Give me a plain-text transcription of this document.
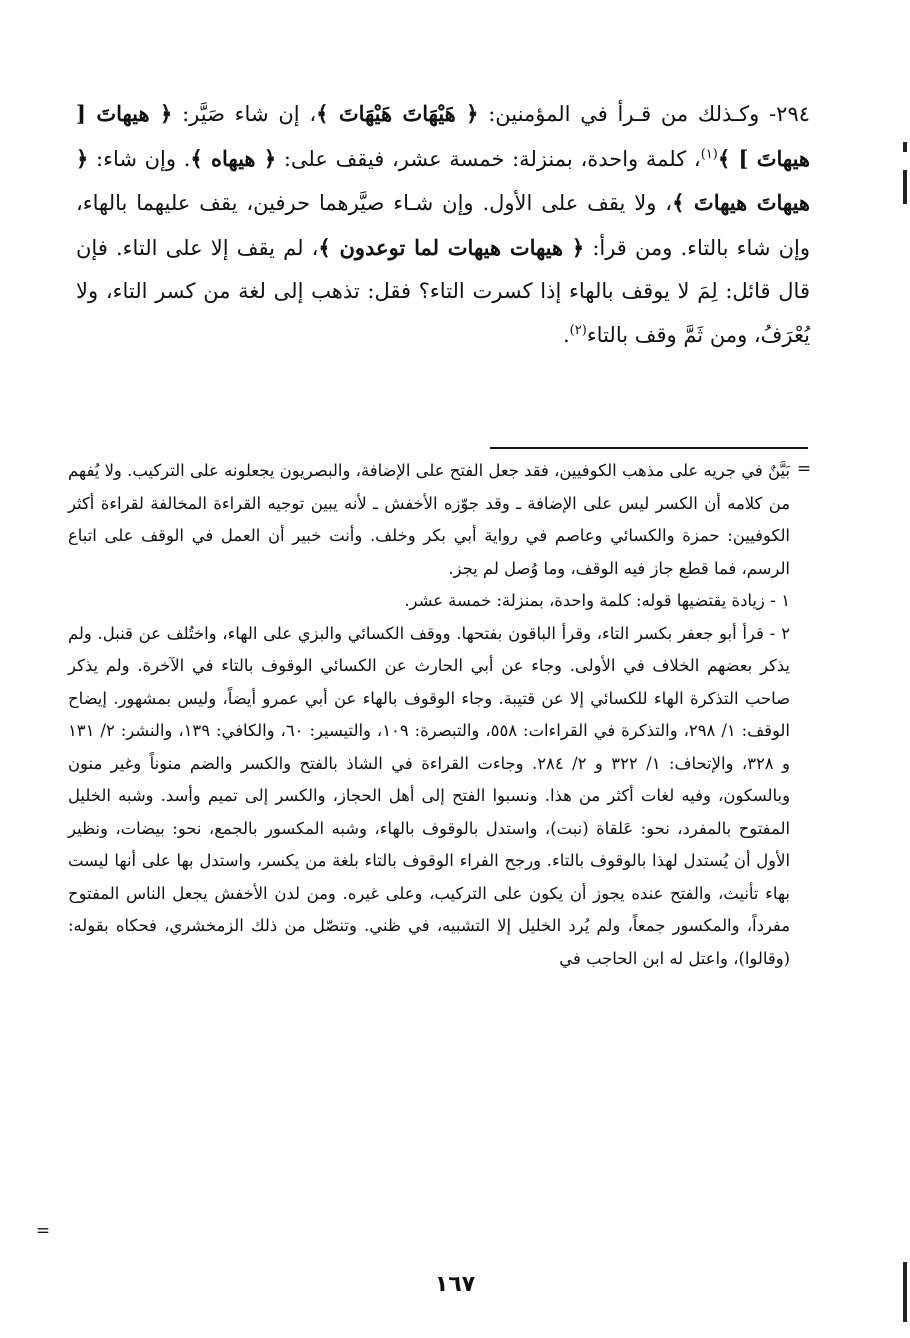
٢٩٤- وكـذلك من قـرأ في المؤمنين: ﴿ هَيْهَاتَ هَيْهَاتَ ﴾، إن شاء صَيَّر: ﴿ هيهاتَ [ هيهاتَ ] ﴾$^{(١)}$، كلمة واحدة، بمنزلة: خمسة عشر، فيقف على: ﴿ هيهاه ﴾. وإن شاء: ﴿ هيهاتَ هيهاتَ ﴾، ولا يقف على الأول. وإن شـاء صيَّرهما حرفين، يقف عليهما بالهاء، وإن شاء بالتاء. ومن قرأ: ﴿ هيهات هيهات لما توعدون ﴾، لم يقف إلا على التاء. فإن قال قائل: لِمَ لا يوقف بالهاء إذا كسرت التاء؟ فقل: تذهب إلى لغة من كسر التاء، ولا يُعْرَفُ، ومن ثَمَّ وقف بالتاء$^{(٢)}$.

=

بَيَّنٌ في جريه على مذهب الكوفيين، فقد جعل الفتح على الإضافة، والبصريون يجعلونه على التركيب. ولا يُفهم من كلامه أن الكسر ليس على الإضافة ـ وقد جوّزه الأخفش ـ لأنه يبين توجيه القراءة المخالفة لقراءة أكثر الكوفيين: حمزة والكسائي وعاصم في رواية أبي بكر وخلف. وأنت خبير أن العمل في الوقف على اتباع الرسم، فما قطع جاز فيه الوقف، وما وُصل لم يجز.

١ - زيادة يقتضيها قوله: كلمة واحدة، بمنزلة: خمسة عشر.

٢ - قرأ أبو جعفر بكسر التاء، وقرأ الباقون بفتحها. ووقف الكسائي والبزي على الهاء، واختُلف عن قنبل. ولم يذكر بعضهم الخلاف في الأولى. وجاء عن أبي الحارث عن الكسائي الوقوف بالتاء في الآخرة. ولم يذكر صاحب التذكرة الهاء للكسائي إلا عن قتيبة. وجاء الوقوف بالهاء عن أبي عمرو أيضاً، وليس بمشهور. إيضاح الوقف: ١/ ٢٩٨، والتذكرة في القراءات: ٥٥٨، والتبصرة: ١٠٩، والتيسير: ٦٠، والكافي: ١٣٩، والنشر: ٢/ ١٣١ و ٣٢٨، والإتحاف: ١/ ٣٢٢ و ٢/ ٢٨٤. وجاءت القراءة في الشاذ بالفتح والكسر والضم منوناً وغير منون وبالسكون، وفيه لغات أكثر من هذا. ونسبوا الفتح إلى أهل الحجاز، والكسر إلى تميم وأسد. وشبه الخليل المفتوح بالمفرد، نحو: عَلقاة (نبت)، واستدل بالوقوف بالهاء، وشبه المكسور بالجمع، نحو: بيضات، ونظير الأول أن يُستدل لهذا بالوقوف بالتاء. ورجح الفراء الوقوف بالتاء بلغة من يكسر، واستدل بها على أنها ليست بهاء تأنيث، والفتح عنده يجوز أن يكون على التركيب، وعلى غيره. ومن لدن الأخفش يجعل الناس المفتوح مفرداً، والمكسور جمعاً، ولم يُرد الخليل إلا التشبيه، في ظني. وتنصّل من ذلك الزمخشري، فحكاه بقوله: (وقالوا)، واعتل له ابن الحاجب في

=
١٦٧
